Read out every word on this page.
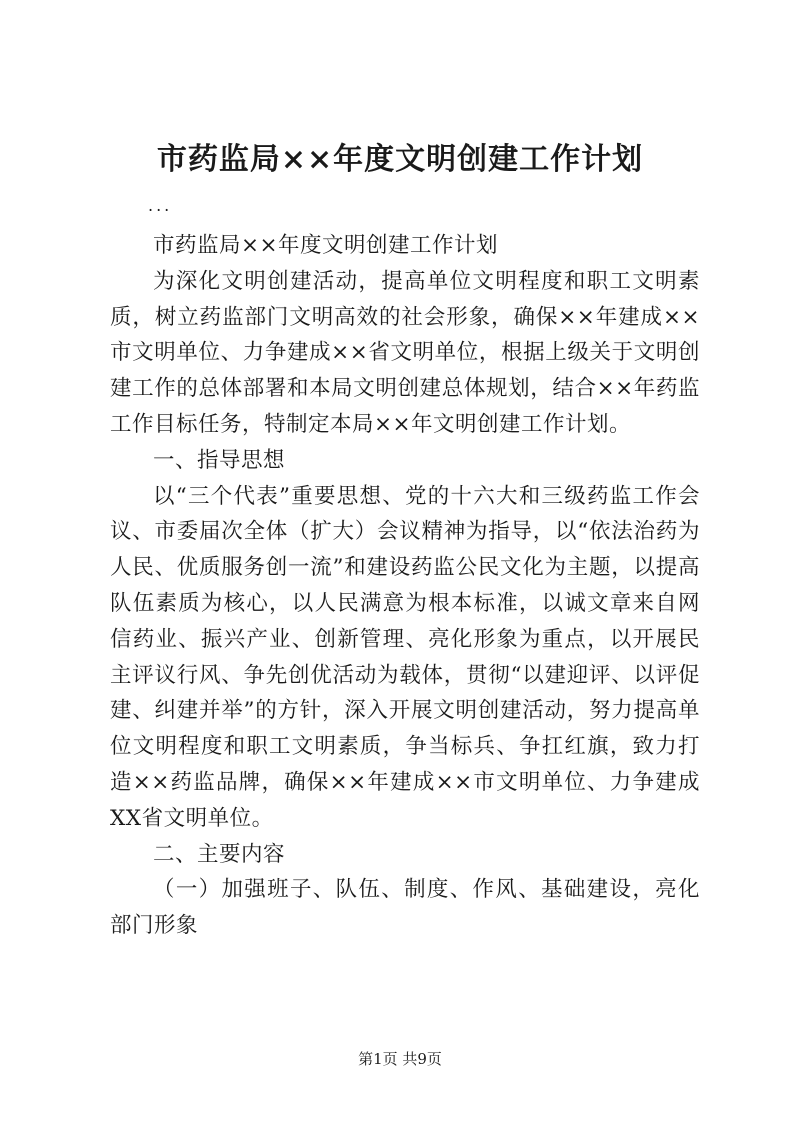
市药监局××年度文明创建工作计划
...

市药监局××年度文明创建工作计划

为深化文明创建活动，提高单位文明程度和职工文明素质，树立药监部门文明高效的社会形象，确保××年建成××市文明单位、力争建成××省文明单位，根据上级关于文明创建工作的总体部署和本局文明创建总体规划，结合××年药监工作目标任务，特制定本局××年文明创建工作计划。

一、指导思想

以“三个代表”重要思想、党的十六大和三级药监工作会议、市委届次全体（扩大）会议精神为指导，以“依法治药为人民、优质服务创一流”和建设药监公民文化为主题，以提高队伍素质为核心，以人民满意为根本标准，以诚文章来自网信药业、振兴产业、创新管理、亮化形象为重点，以开展民主评议行风、争先创优活动为载体，贯彻“以建迎评、以评促建、纠建并举”的方针，深入开展文明创建活动，努力提高单位文明程度和职工文明素质，争当标兵、争扛红旗，致力打造××药监品牌，确保××年建成××市文明单位、力争建成XX省文明单位。

二、主要内容

（一）加强班子、队伍、制度、作风、基础建设，亮化部门形象

第1页 共9页
